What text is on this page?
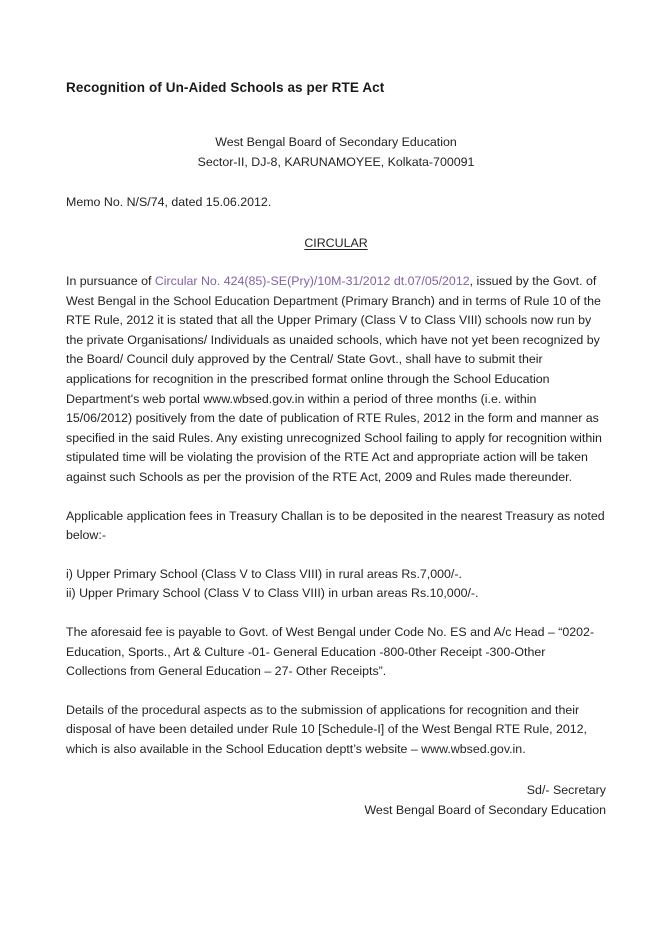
Recognition of Un-Aided Schools as per RTE Act
West Bengal Board of Secondary Education
Sector-II, DJ-8, KARUNAMOYEE, Kolkata-700091
Memo No. N/S/74, dated 15.06.2012.
CIRCULAR

In pursuance of Circular No. 424(85)-SE(Pry)/10M-31/2012 dt.07/05/2012, issued by the Govt. of West Bengal in the School Education Department (Primary Branch) and in terms of Rule 10 of the RTE Rule, 2012 it is stated that all the Upper Primary (Class V to Class VIII) schools now run by the private Organisations/ Individuals as unaided schools, which have not yet been recognized by the Board/ Council duly approved by the Central/ State Govt., shall have to submit their applications for recognition in the prescribed format online through the School Education Department's web portal www.wbsed.gov.in within a period of three months (i.e. within 15/06/2012) positively from the date of publication of RTE Rules, 2012 in the form and manner as specified in the said Rules. Any existing unrecognized School failing to apply for recognition within stipulated time will be violating the provision of the RTE Act and appropriate action will be taken against such Schools as per the provision of the RTE Act, 2009 and Rules made thereunder.

Applicable application fees in Treasury Challan is to be deposited in the nearest Treasury as noted below:-

i) Upper Primary School (Class V to Class VIII) in rural areas Rs.7,000/-.
ii) Upper Primary School (Class V to Class VIII) in urban areas Rs.10,000/-.

The aforesaid fee is payable to Govt. of West Bengal under Code No. ES and A/c Head – “0202-Education, Sports., Art & Culture -01- General Education -800-0ther Receipt -300-Other Collections from General Education – 27- Other Receipts”.

Details of the procedural aspects as to the submission of applications for recognition and their disposal of have been detailed under Rule 10 [Schedule-I] of the West Bengal RTE Rule, 2012, which is also available in the School Education deptt’s website – www.wbsed.gov.in.

Sd/- Secretary
West Bengal Board of Secondary Education
